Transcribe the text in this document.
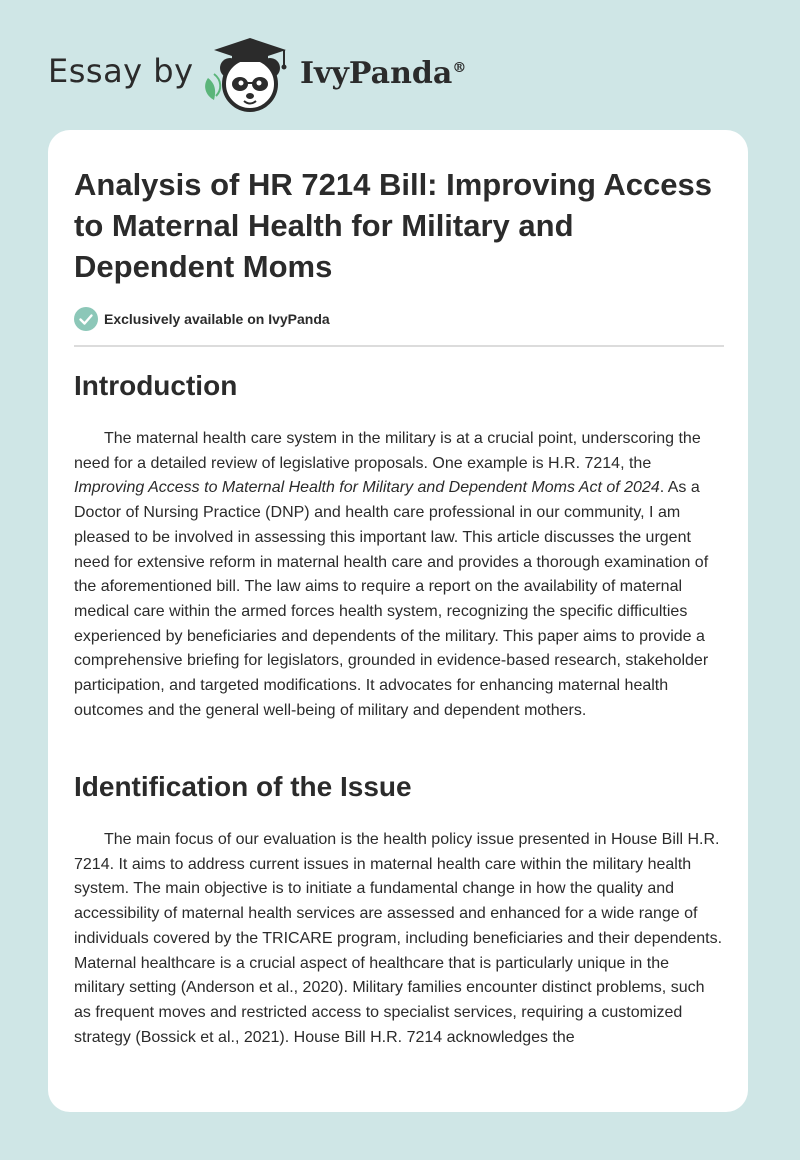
Essay by	IvyPanda®
Analysis of HR 7214 Bill: Improving Access to Maternal Health for Military and Dependent Moms
Exclusively available on IvyPanda
Introduction

The maternal health care system in the military is at a crucial point, underscoring the need for a detailed review of legislative proposals. One example is H.R. 7214, the Improving Access to Maternal Health for Military and Dependent Moms Act of 2024. As a Doctor of Nursing Practice (DNP) and health care professional in our community, I am pleased to be involved in assessing this important law. This article discusses the urgent need for extensive reform in maternal health care and provides a thorough examination of the aforementioned bill. The law aims to require a report on the availability of maternal medical care within the armed forces health system, recognizing the specific difficulties experienced by beneficiaries and dependents of the military. This paper aims to provide a comprehensive briefing for legislators, grounded in evidence-based research, stakeholder participation, and targeted modifications. It advocates for enhancing maternal health outcomes and the general well-being of military and dependent mothers.

Identification of the Issue

The main focus of our evaluation is the health policy issue presented in House Bill H.R. 7214. It aims to address current issues in maternal health care within the military health system. The main objective is to initiate a fundamental change in how the quality and accessibility of maternal health services are assessed and enhanced for a wide range of individuals covered by the TRICARE program, including beneficiaries and their dependents. Maternal healthcare is a crucial aspect of healthcare that is particularly unique in the military setting (Anderson et al., 2020). Military families encounter distinct problems, such as frequent moves and restricted access to specialist services, requiring a customized strategy (Bossick et al., 2021). House Bill H.R. 7214 acknowledges the
